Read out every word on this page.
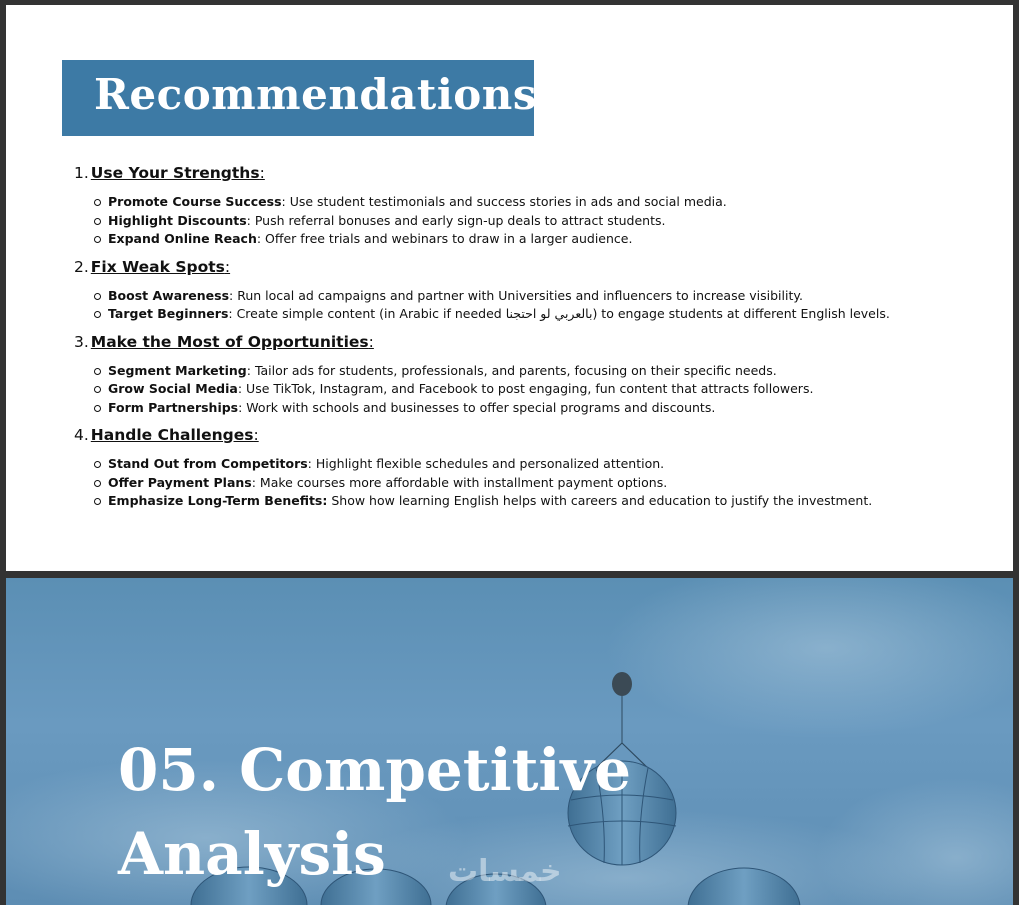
Recommendations
1. Use Your Strengths :
Promote Course Success: Use student testimonials and success stories in ads and social media.
Highlight Discounts: Push referral bonuses and early sign-up deals to attract students.
Expand Online Reach: Offer free trials and webinars to draw in a larger audience.
2. Fix Weak Spots :
Boost Awareness: Run local ad campaigns and partner with Universities and influencers to increase visibility.
Target Beginners: Create simple content (in Arabic if needed بالعربي لو احتجنا) to engage students at different English levels.
3. Make the Most of Opportunities :
Segment Marketing: Tailor ads for students, professionals, and parents, focusing on their specific needs.
Grow Social Media: Use TikTok, Instagram, and Facebook to post engaging, fun content that attracts followers.
Form Partnerships: Work with schools and businesses to offer special programs and discounts.
4. Handle Challenges :
Stand Out from Competitors: Highlight flexible schedules and personalized attention.
Offer Payment Plans: Make courses more affordable with installment payment options.
Emphasize Long-Term Benefits: Show how learning English helps with careers and education to justify the investment.
05. Competitive
Analysis	خمسات
